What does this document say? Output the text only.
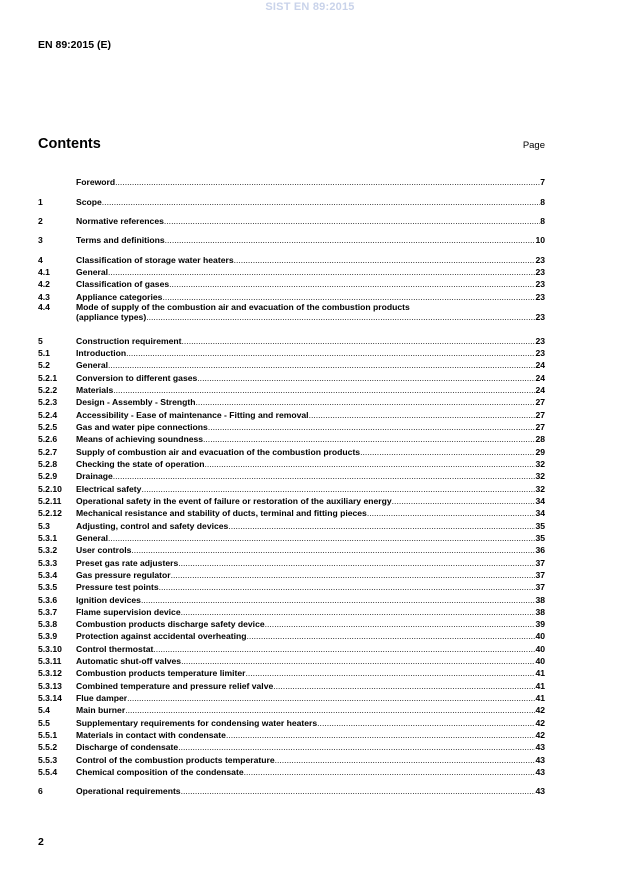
SIST EN 89:2015
EN 89:2015 (E)
Contents	Page
Foreword .....	7
1	Scope .....	8
2	Normative references .....	8
3	Terms and definitions .....	10
4	Classification of storage water heaters .....	23
4.1	General .....	23
4.2	Classification of gases .....	23
4.3	Appliance categories .....	23
4.4	Mode of supply of the combustion air and evacuation of the combustion products
(appliance types) .....	23
5	Construction requirement .....	23
5.1	Introduction .....	23
5.2	General .....	24
5.2.1	Conversion to different gases .....	24
5.2.2	Materials .....	24
5.2.3	Design - Assembly - Strength .....	27
5.2.4	Accessibility - Ease of maintenance - Fitting and removal .....	27
5.2.5	Gas and water pipe connections .....	27
5.2.6	Means of achieving soundness .....	28
5.2.7	Supply of combustion air and evacuation of the combustion products .....	29
5.2.8	Checking the state of operation .....	32
5.2.9	Drainage .....	32
5.2.10	Electrical safety .....	32
5.2.11	Operational safety in the event of failure or restoration of the auxiliary energy .....	34
5.2.12	Mechanical resistance and stability of ducts, terminal and fitting pieces .....	34
5.3	Adjusting, control and safety devices .....	35
5.3.1	General .....	35
5.3.2	User controls .....	36
5.3.3	Preset gas rate adjusters .....	37
5.3.4	Gas pressure regulator .....	37
5.3.5	Pressure test points .....	37
5.3.6	Ignition devices .....	38
5.3.7	Flame supervision device .....	38
5.3.8	Combustion products discharge safety device .....	39
5.3.9	Protection against accidental overheating .....	40
5.3.10	Control thermostat .....	40
5.3.11	Automatic shut-off valves .....	40
5.3.12	Combustion products temperature limiter .....	41
5.3.13	Combined temperature and pressure relief valve .....	41
5.3.14	Flue damper .....	41
5.4	Main burner .....	42
5.5	Supplementary requirements for condensing water heaters .....	42
5.5.1	Materials in contact with condensate .....	42
5.5.2	Discharge of condensate .....	43
5.5.3	Control of the combustion products temperature .....	43
5.5.4	Chemical composition of the condensate .....	43
6	Operational requirements .....	43
2
